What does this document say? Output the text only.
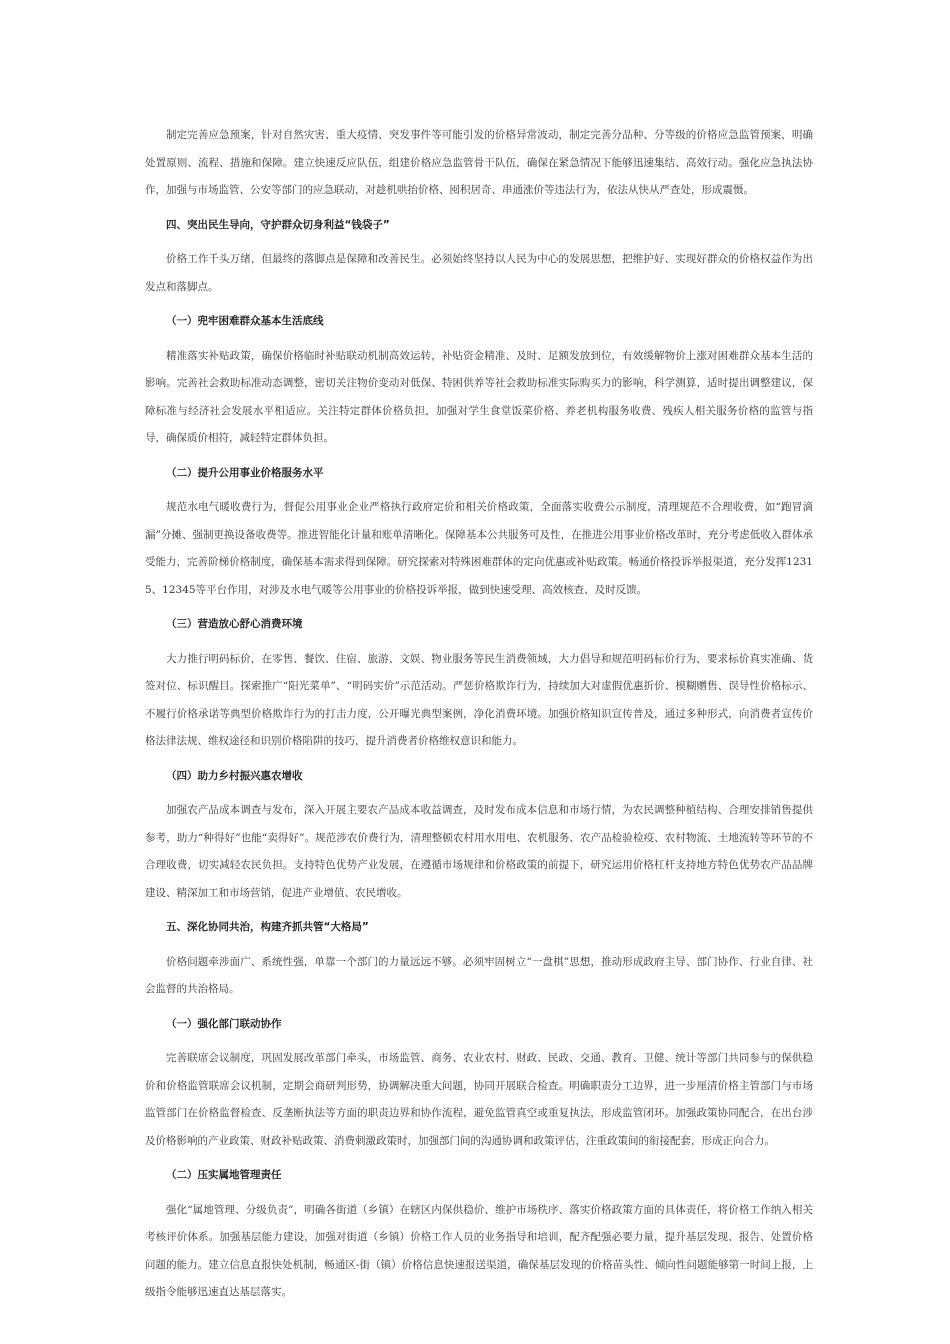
制定完善应急预案，针对自然灾害、重大疫情、突发事件等可能引发的价格异常波动，制定完善分品种、分等级的价格应急监管预案，明确处置原则、流程、措施和保障。建立快速反应队伍，组建价格应急监管骨干队伍，确保在紧急情况下能够迅速集结、高效行动。强化应急执法协作，加强与市场监管、公安等部门的应急联动，对趁机哄抬价格、囤积居奇、串通涨价等违法行为，依法从快从严查处，形成震慑。

四、突出民生导向，守护群众切身利益“钱袋子”

价格工作千头万绪，但最终的落脚点是保障和改善民生。必须始终坚持以人民为中心的发展思想，把维护好、实现好群众的价格权益作为出发点和落脚点。

（一）兜牢困难群众基本生活底线

精准落实补贴政策，确保价格临时补贴联动机制高效运转，补贴资金精准、及时、足额发放到位，有效缓解物价上涨对困难群众基本生活的影响。完善社会救助标准动态调整，密切关注物价变动对低保、特困供养等社会救助标准实际购买力的影响，科学测算，适时提出调整建议，保障标准与经济社会发展水平相适应。关注特定群体价格负担，加强对学生食堂饭菜价格、养老机构服务收费、残疾人相关服务价格的监管与指导，确保质价相符，减轻特定群体负担。

（二）提升公用事业价格服务水平

规范水电气暖收费行为，督促公用事业企业严格执行政府定价和相关价格政策，全面落实收费公示制度，清理规范不合理收费，如“跑冒滴漏”分摊、强制更换设备收费等。推进智能化计量和账单清晰化。保障基本公共服务可及性，在推进公用事业价格改革时，充分考虑低收入群体承受能力，完善阶梯价格制度，确保基本需求得到保障。研究探索对特殊困难群体的定向优惠或补贴政策。畅通价格投诉举报渠道，充分发挥12315、12345等平台作用，对涉及水电气暖等公用事业的价格投诉举报，做到快速受理、高效核查、及时反馈。

（三）营造放心舒心消费环境

大力推行明码标价，在零售、餐饮、住宿、旅游、文娱、物业服务等民生消费领域，大力倡导和规范明码标价行为，要求标价真实准确、货签对位、标识醒目。探索推广“阳光菜单”、“明码实价”示范活动。严惩价格欺诈行为，持续加大对虚假优惠折价、模糊赠售、误导性价格标示、不履行价格承诺等典型价格欺诈行为的打击力度，公开曝光典型案例，净化消费环境。加强价格知识宣传普及，通过多种形式，向消费者宣传价格法律法规、维权途径和识别价格陷阱的技巧，提升消费者价格维权意识和能力。

（四）助力乡村振兴惠农增收

加强农产品成本调查与发布，深入开展主要农产品成本收益调查，及时发布成本信息和市场行情，为农民调整种植结构、合理安排销售提供参考，助力“种得好”也能“卖得好”。规范涉农价费行为，清理整顿农村用水用电、农机服务、农产品检验检疫、农村物流、土地流转等环节的不合理收费，切实减轻农民负担。支持特色优势产业发展，在遵循市场规律和价格政策的前提下，研究运用价格杠杆支持地方特色优势农产品品牌建设、精深加工和市场营销，促进产业增值、农民增收。

五、深化协同共治，构建齐抓共管“大格局”

价格问题牵涉面广、系统性强，单靠一个部门的力量远远不够。必须牢固树立“一盘棋”思想，推动形成政府主导、部门协作、行业自律、社会监督的共治格局。

（一）强化部门联动协作

完善联席会议制度，巩固发展改革部门牵头，市场监管、商务、农业农村、财政、民政、交通、教育、卫健、统计等部门共同参与的保供稳价和价格监管联席会议机制，定期会商研判形势，协调解决重大问题，协同开展联合检查。明确职责分工边界，进一步厘清价格主管部门与市场监管部门在价格监督检查、反垄断执法等方面的职责边界和协作流程，避免监管真空或重复执法，形成监管闭环。加强政策协同配合，在出台涉及价格影响的产业政策、财政补贴政策、消费刺激政策时，加强部门间的沟通协调和政策评估，注重政策间的衔接配套，形成正向合力。

（二）压实属地管理责任

强化“属地管理、分级负责”，明确各街道（乡镇）在辖区内保供稳价、维护市场秩序、落实价格政策方面的具体责任，将价格工作纳入相关考核评价体系。加强基层能力建设，加强对街道（乡镇）价格工作人员的业务指导和培训，配齐配强必要力量，提升基层发现、报告、处置价格问题的能力。建立信息直报快处机制，畅通区-街（镇）价格信息快速报送渠道，确保基层发现的价格苗头性、倾向性问题能够第一时间上报，上级指令能够迅速直达基层落实。
